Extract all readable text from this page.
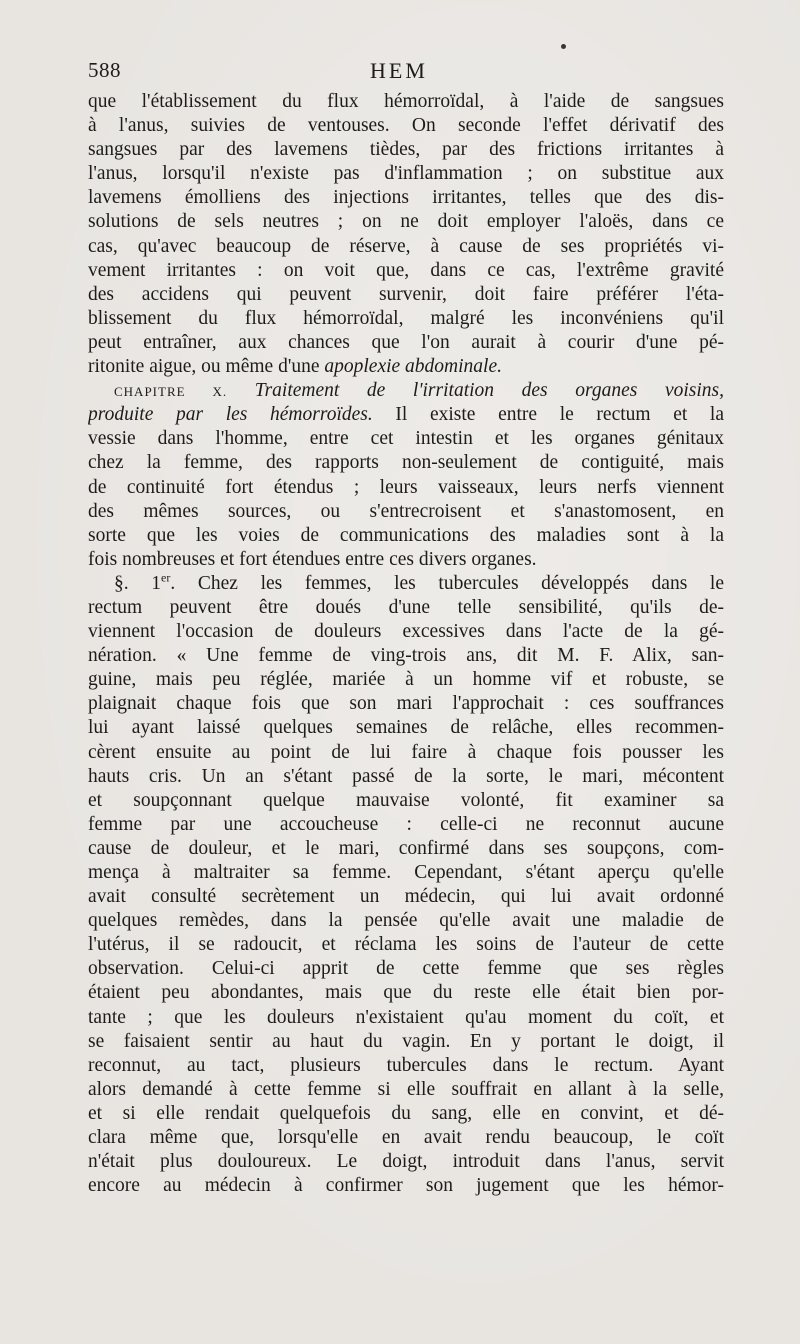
588	HEM
que l'établissement du flux hémorroïdal, à l'aide de sangsues
à l'anus, suivies de ventouses. On seconde l'effet dérivatif des
sangsues par des lavemens tièdes, par des frictions irritantes à
l'anus, lorsqu'il n'existe pas d'inflammation ; on substitue aux
lavemens émolliens des injections irritantes, telles que des dis-
solutions de sels neutres ; on ne doit employer l'aloës, dans ce
cas, qu'avec beaucoup de réserve, à cause de ses propriétés vi-
vement irritantes : on voit que, dans ce cas, l'extrême gravité
des accidens qui peuvent survenir, doit faire préférer l'éta-
blissement du flux hémorroïdal, malgré les inconvéniens qu'il
peut entraîner, aux chances que l'on aurait à courir d'une pé-
ritonite aigue, ou même d'une apoplexie abdominale.
CHAPITRE X. Traitement de l'irritation des organes voisins,
produite par les hémorroïdes. Il existe entre le rectum et la
vessie dans l'homme, entre cet intestin et les organes génitaux
chez la femme, des rapports non-seulement de contiguité, mais
de continuité fort étendus ; leurs vaisseaux, leurs nerfs viennent
des mêmes sources, ou s'entrecroisent et s'anastomosent, en
sorte que les voies de communications des maladies sont à la
fois nombreuses et fort étendues entre ces divers organes.
§. 1er. Chez les femmes, les tubercules développés dans le
rectum peuvent être doués d'une telle sensibilité, qu'ils de-
viennent l'occasion de douleurs excessives dans l'acte de la gé-
nération. « Une femme de ving-trois ans, dit M. F. Alix, san-
guine, mais peu réglée, mariée à un homme vif et robuste, se
plaignait chaque fois que son mari l'approchait : ces souffrances
lui ayant laissé quelques semaines de relâche, elles recommen-
cèrent ensuite au point de lui faire à chaque fois pousser les
hauts cris. Un an s'étant passé de la sorte, le mari, mécontent
et soupçonnant quelque mauvaise volonté, fit examiner sa
femme par une accoucheuse : celle-ci ne reconnut aucune
cause de douleur, et le mari, confirmé dans ses soupçons, com-
mença à maltraiter sa femme. Cependant, s'étant aperçu qu'elle
avait consulté secrètement un médecin, qui lui avait ordonné
quelques remèdes, dans la pensée qu'elle avait une maladie de
l'utérus, il se radoucit, et réclama les soins de l'auteur de cette
observation. Celui-ci apprit de cette femme que ses règles
étaient peu abondantes, mais que du reste elle était bien por-
tante ; que les douleurs n'existaient qu'au moment du coït, et
se faisaient sentir au haut du vagin. En y portant le doigt, il
reconnut, au tact, plusieurs tubercules dans le rectum. Ayant
alors demandé à cette femme si elle souffrait en allant à la selle,
et si elle rendait quelquefois du sang, elle en convint, et dé-
clara même que, lorsqu'elle en avait rendu beaucoup, le coït
n'était plus douloureux. Le doigt, introduit dans l'anus, servit
encore au médecin à confirmer son jugement que les hémor-
